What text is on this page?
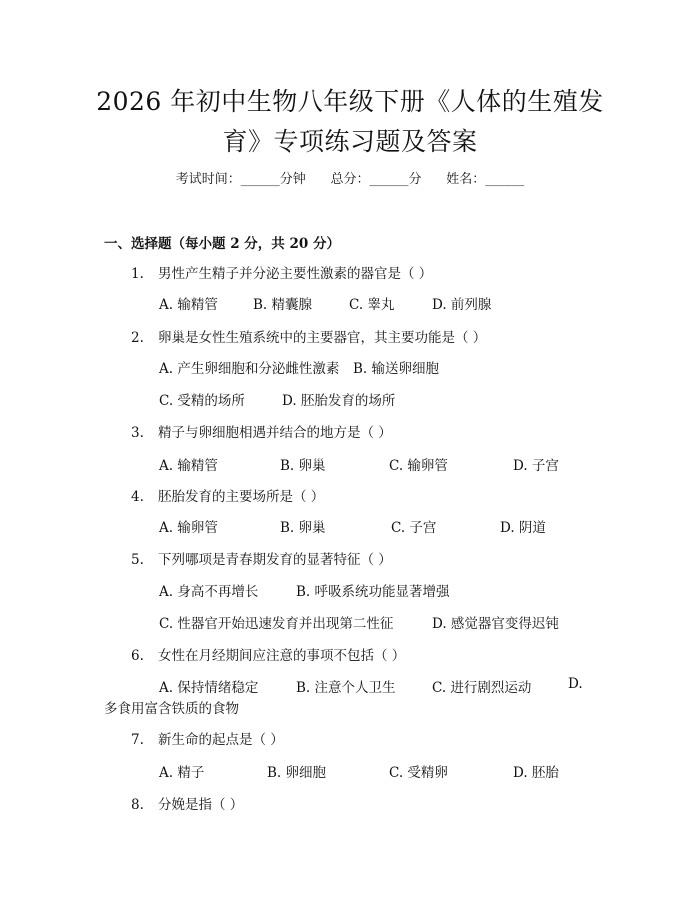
2026 年初中生物八年级下册《人体的生殖发
育》专项练习题及答案
考试时间：______分钟      总分：______分      姓名：______
一、选择题（每小题 2 分，共 20 分）
1. 男性产生精子并分泌主要性激素的器官是（ ）
A. 输精管	B. 精囊腺	C. 睾丸	D. 前列腺
2. 卵巢是女性生殖系统中的主要器官，其主要功能是（ ）
A. 产生卵细胞和分泌雌性激素 B. 输送卵细胞
C. 受精的场所	D. 胚胎发育的场所
3. 精子与卵细胞相遇并结合的地方是（ ）
A. 输精管	B. 卵巢	C. 输卵管	D. 子宫
4. 胚胎发育的主要场所是（ ）
A. 输卵管	B. 卵巢	C. 子宫	D. 阴道
5. 下列哪项是青春期发育的显著特征（ ）
A. 身高不再增长	B. 呼吸系统功能显著增强
C. 性器官开始迅速发育并出现第二性征	D. 感觉器官变得迟钝
6. 女性在月经期间应注意的事项不包括（ ）
A. 保持情绪稳定	B. 注意个人卫生	C. 进行剧烈运动	D.
多食用富含铁质的食物
7. 新生命的起点是（ ）
A. 精子	B. 卵细胞	C. 受精卵	D. 胚胎
8. 分娩是指（ ）
